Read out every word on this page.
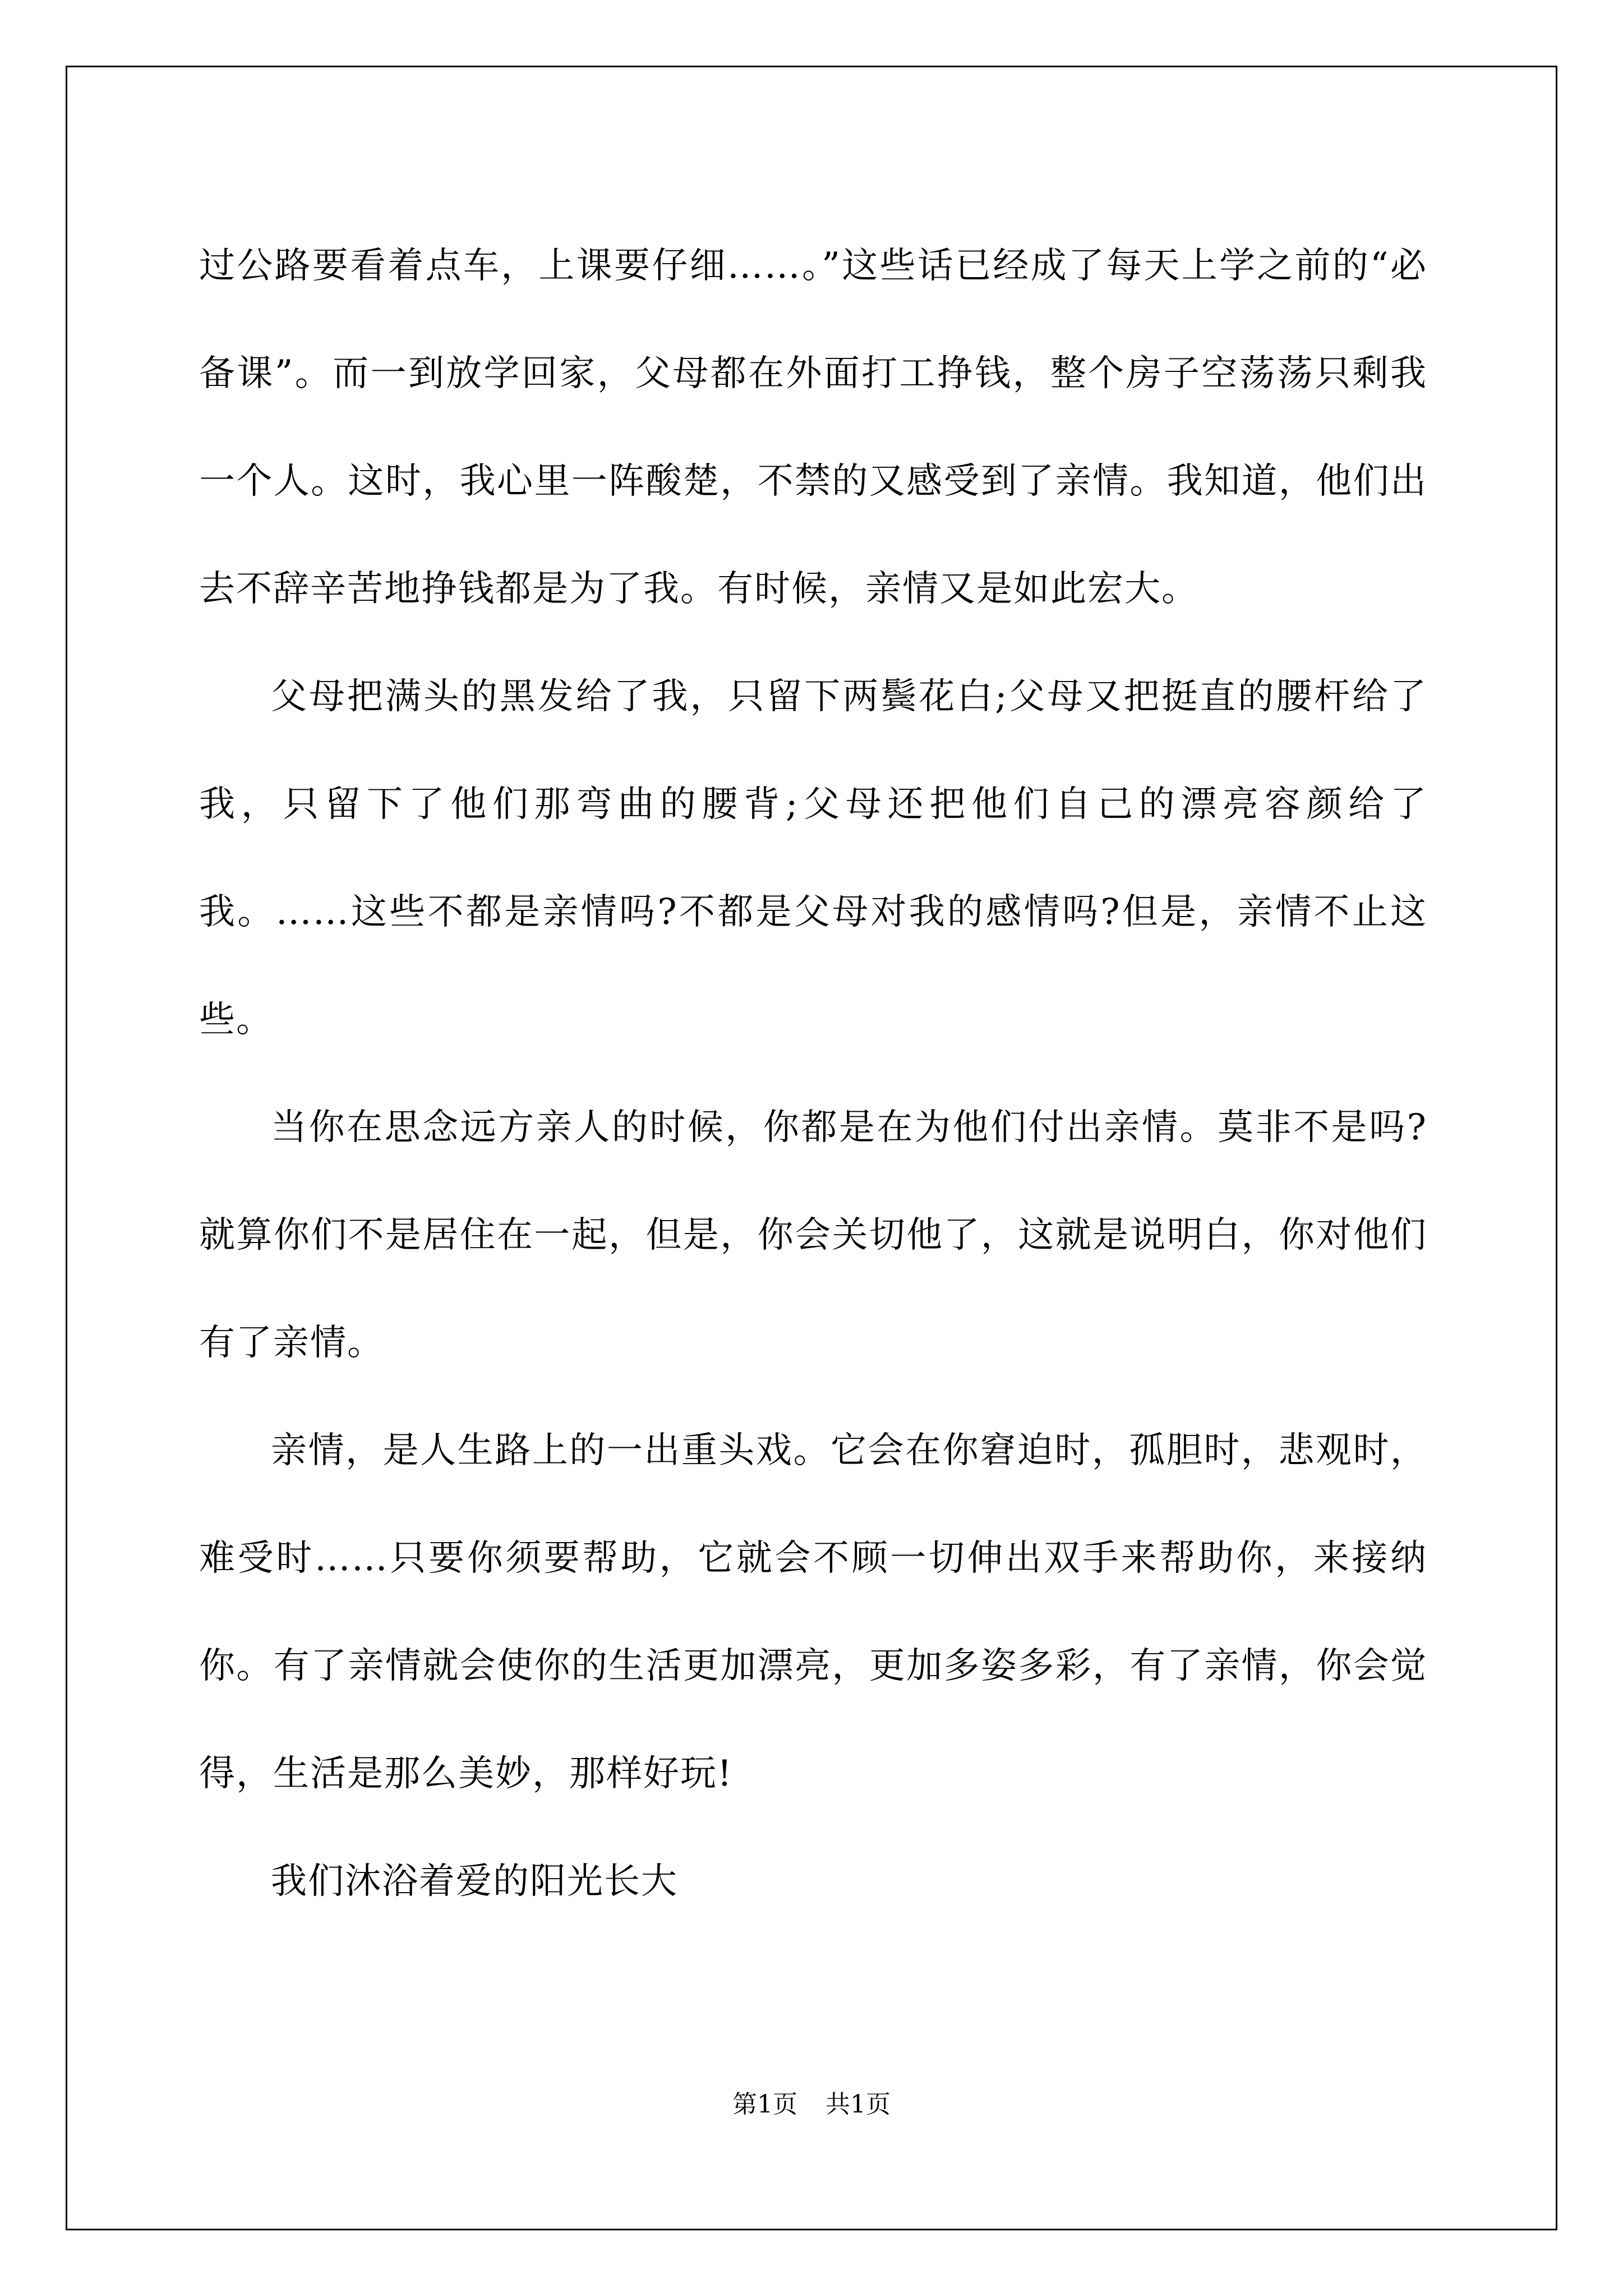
过公路要看着点车，上课要仔细……。”这些话已经成了每天上学之前的“必备课”。而一到放学回家，父母都在外面打工挣钱，整个房子空荡荡只剩我一个人。这时，我心里一阵酸楚，不禁的又感受到了亲情。我知道，他们出去不辞辛苦地挣钱都是为了我。有时候，亲情又是如此宏大。

父母把满头的黑发给了我，只留下两鬓花白;父母又把挺直的腰杆给了我，只留下了他们那弯曲的腰背;父母还把他们自己的漂亮容颜给了我。……这些不都是亲情吗?不都是父母对我的感情吗?但是，亲情不止这些。

当你在思念远方亲人的时候，你都是在为他们付出亲情。莫非不是吗?就算你们不是居住在一起，但是，你会关切他了，这就是说明白，你对他们有了亲情。

亲情，是人生路上的一出重头戏。它会在你窘迫时，孤胆时，悲观时，难受时……只要你须要帮助，它就会不顾一切伸出双手来帮助你，来接纳你。有了亲情就会使你的生活更加漂亮，更加多姿多彩，有了亲情，你会觉得，生活是那么美妙，那样好玩!

我们沐浴着爱的阳光长大

第1页 共1页
